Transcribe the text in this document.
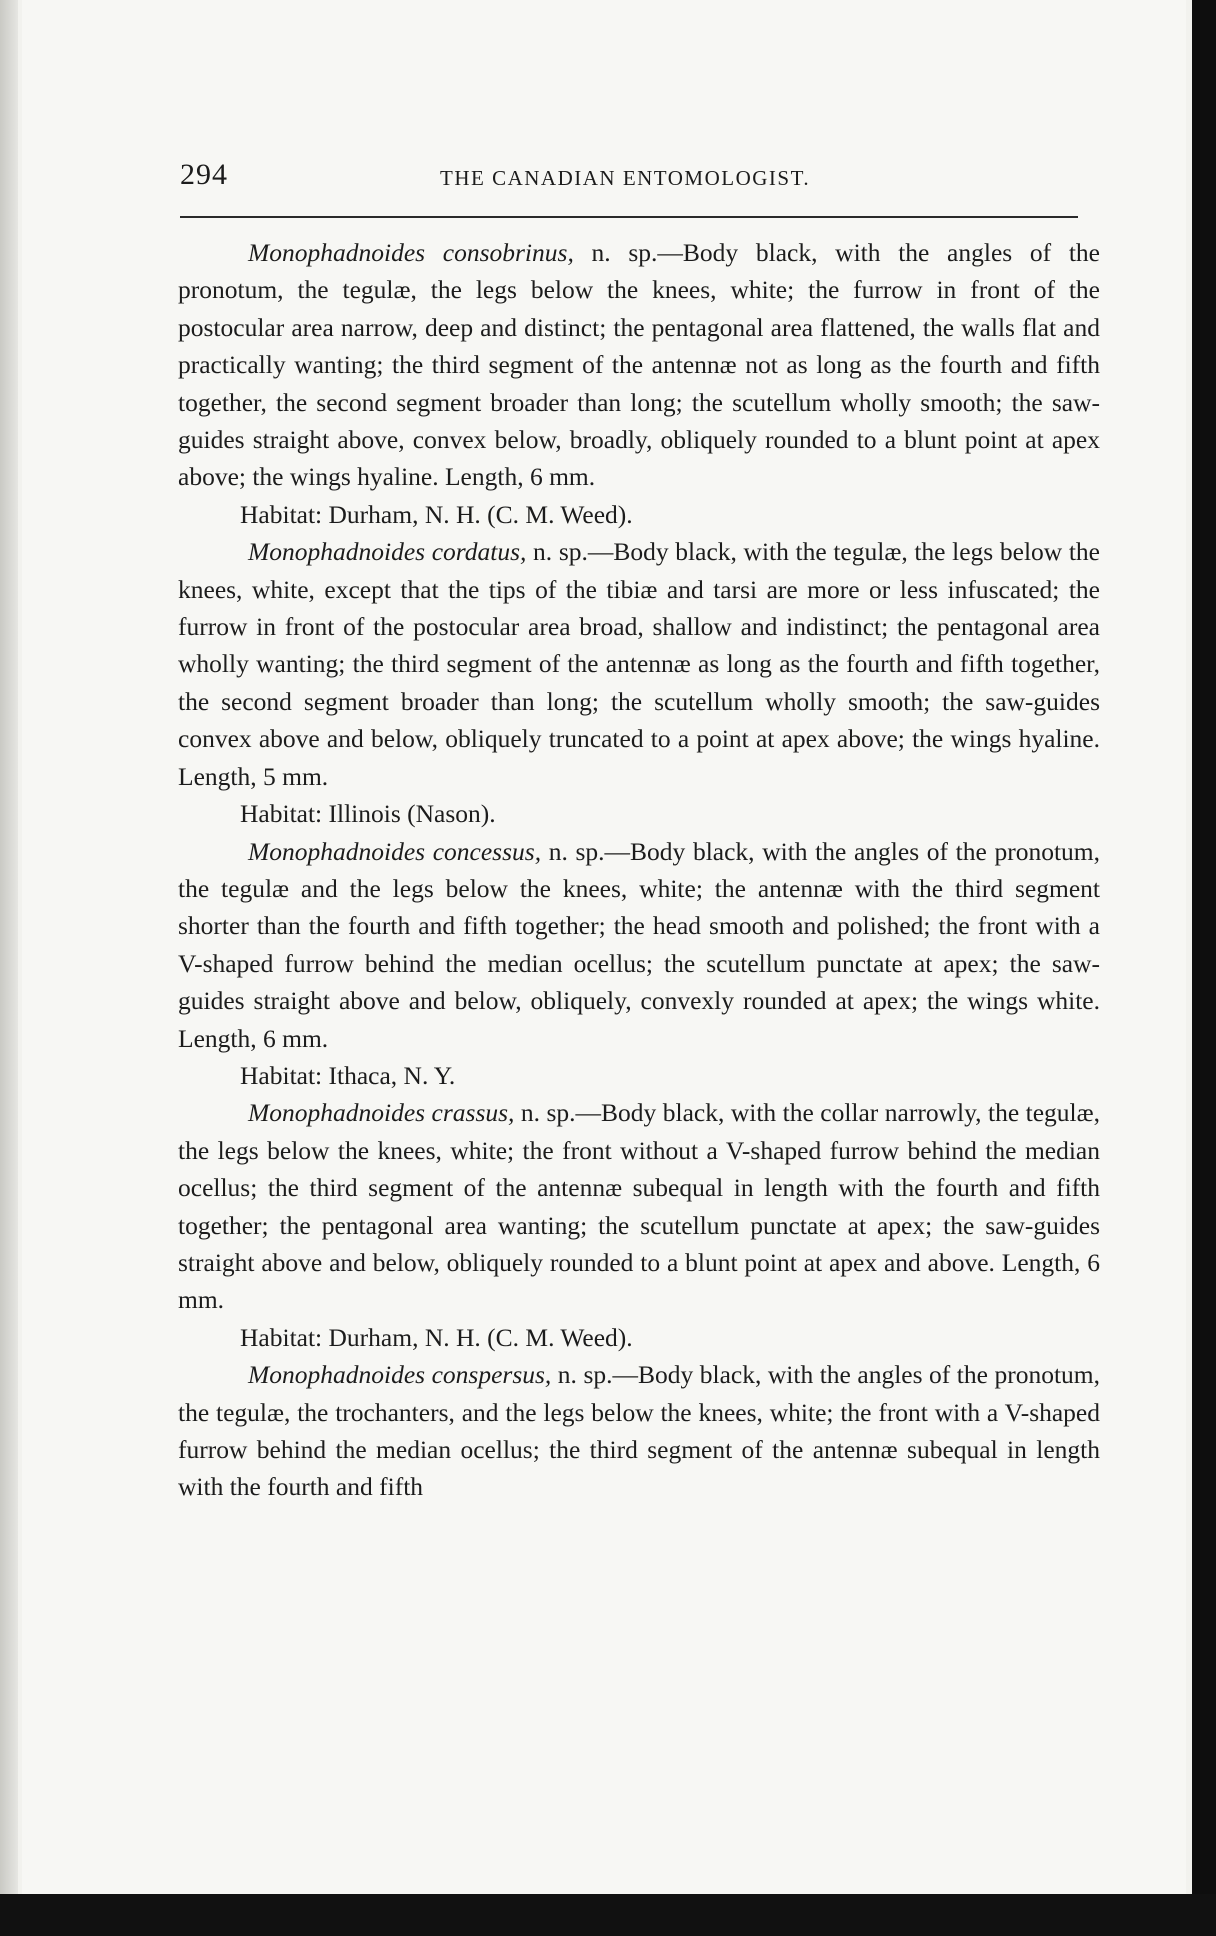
294	THE CANADIAN ENTOMOLOGIST.

Monophadnoides consobrinus, n. sp.—Body black, with the angles of the pronotum, the tegulæ, the legs below the knees, white; the furrow in front of the postocular area narrow, deep and distinct; the pentagonal area flattened, the walls flat and practically wanting; the third segment of the antennæ not as long as the fourth and fifth together, the second segment broader than long; the scutellum wholly smooth; the saw-guides straight above, convex below, broadly, obliquely rounded to a blunt point at apex above; the wings hyaline. Length, 6 mm.

Habitat: Durham, N. H. (C. M. Weed).

Monophadnoides cordatus, n. sp.—Body black, with the tegulæ, the legs below the knees, white, except that the tips of the tibiæ and tarsi are more or less infuscated; the furrow in front of the postocular area broad, shallow and indistinct; the pentagonal area wholly wanting; the third segment of the antennæ as long as the fourth and fifth together, the second segment broader than long; the scutellum wholly smooth; the saw-guides convex above and below, obliquely truncated to a point at apex above; the wings hyaline. Length, 5 mm.

Habitat: Illinois (Nason).

Monophadnoides concessus, n. sp.—Body black, with the angles of the pronotum, the tegulæ and the legs below the knees, white; the antennæ with the third segment shorter than the fourth and fifth together; the head smooth and polished; the front with a V-shaped furrow behind the median ocellus; the scutellum punctate at apex; the saw-guides straight above and below, obliquely, convexly rounded at apex; the wings white. Length, 6 mm.

Habitat: Ithaca, N. Y.

Monophadnoides crassus, n. sp.—Body black, with the collar narrowly, the tegulæ, the legs below the knees, white; the front without a V-shaped furrow behind the median ocellus; the third segment of the antennæ subequal in length with the fourth and fifth together; the pentagonal area wanting; the scutellum punctate at apex; the saw-guides straight above and below, obliquely rounded to a blunt point at apex and above. Length, 6 mm.

Habitat: Durham, N. H. (C. M. Weed).

Monophadnoides conspersus, n. sp.—Body black, with the angles of the pronotum, the tegulæ, the trochanters, and the legs below the knees, white; the front with a V-shaped furrow behind the median ocellus; the third segment of the antennæ subequal in length with the fourth and fifth
